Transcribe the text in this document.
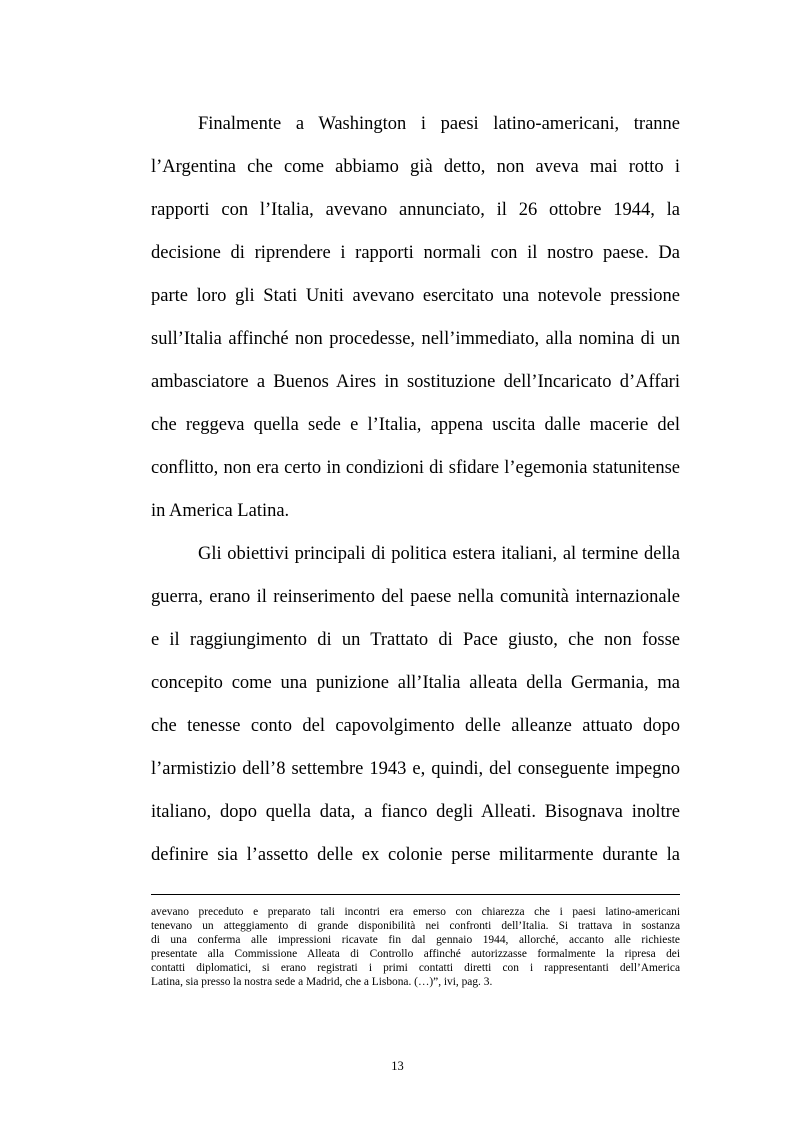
Finalmente a Washington i paesi latino-americani, tranne
l’Argentina che come abbiamo già detto, non aveva mai rotto i
rapporti con l’Italia, avevano annunciato, il 26 ottobre 1944, la
decisione di riprendere i rapporti normali con il nostro paese. Da
parte loro gli Stati Uniti avevano esercitato una notevole pressione
sull’Italia affinché non procedesse, nell’immediato, alla nomina di un
ambasciatore a Buenos Aires in sostituzione dell’Incaricato d’Affari
che reggeva quella sede e l’Italia, appena uscita dalle macerie del
conflitto, non era certo in condizioni di sfidare l’egemonia statunitense
in America Latina.
Gli obiettivi principali di politica estera italiani, al termine della
guerra, erano il reinserimento del paese nella comunità internazionale
e il raggiungimento di un Trattato di Pace giusto, che non fosse
concepito come una punizione all’Italia alleata della Germania, ma
che tenesse conto del capovolgimento delle alleanze attuato dopo
l’armistizio dell’8 settembre 1943 e, quindi, del conseguente impegno
italiano, dopo quella data, a fianco degli Alleati. Bisognava inoltre
definire sia l’assetto delle ex colonie perse militarmente durante la
avevano preceduto e preparato tali incontri era emerso con chiarezza che i paesi latino-americani
tenevano un atteggiamento di grande disponibilità nei confronti dell’Italia. Si trattava in sostanza
di una conferma alle impressioni ricavate fin dal gennaio 1944, allorché, accanto alle richieste
presentate alla Commissione Alleata di Controllo affinché autorizzasse formalmente la ripresa dei
contatti diplomatici, si erano registrati i primi contatti diretti con i rappresentanti dell’America
Latina, sia presso la nostra sede a Madrid, che a Lisbona. (…)”, ivi, pag. 3.
13
